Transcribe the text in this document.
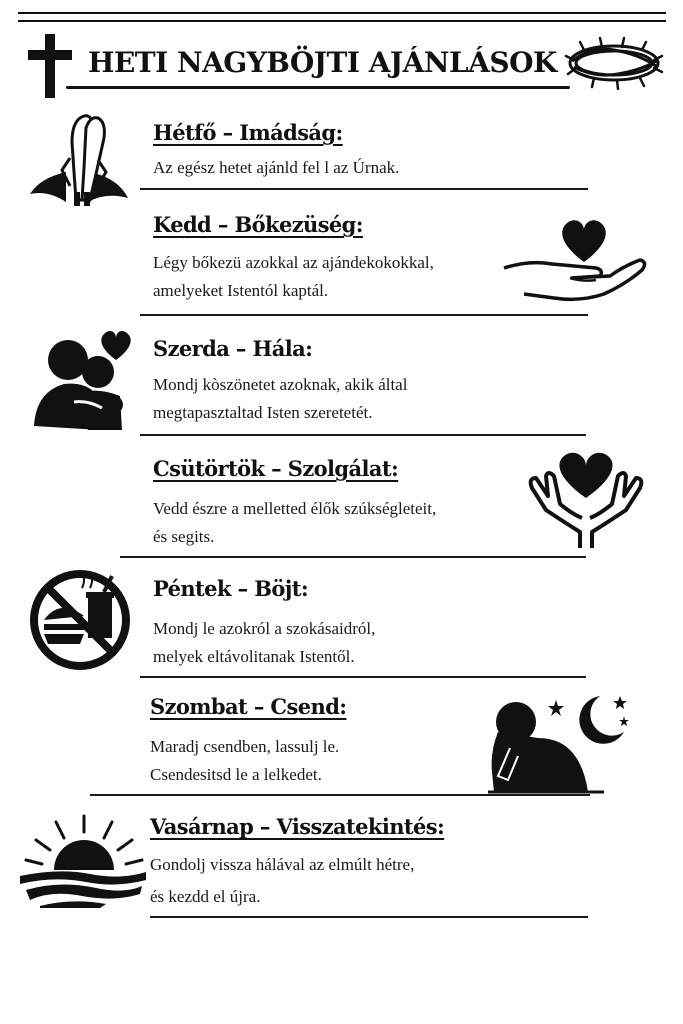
HETI NAGYBÖJTI AJÁNLÁSOK
Hétfő – Imádság:
Az egész hetet ajánld fel l az Úrnak.
Kedd – Bőkezüség:
Légy bőkezü azokkal az ajándekokokkal,
amelyeket Istentól kaptál.
Szerda – Hála:
Mondj kòszönetet azoknak, akik által
megtapasztaltad Isten szeretetét.
Csütörtök – Szolgálat:
Vedd észre a melletted élők szúkségleteit,
és segits.
Péntek – Böjt:
Mondj le azokról a szokásaidról,
melyek eltávolitanak Istentől.
Szombat – Csend:
Maradj csendben, lassulj le.
Csendesitsd le a lelkedet.
Vasárnap – Visszatekintés:
Gondolj vissza hálával az elmúlt hétre,
és kezdd el újra.
